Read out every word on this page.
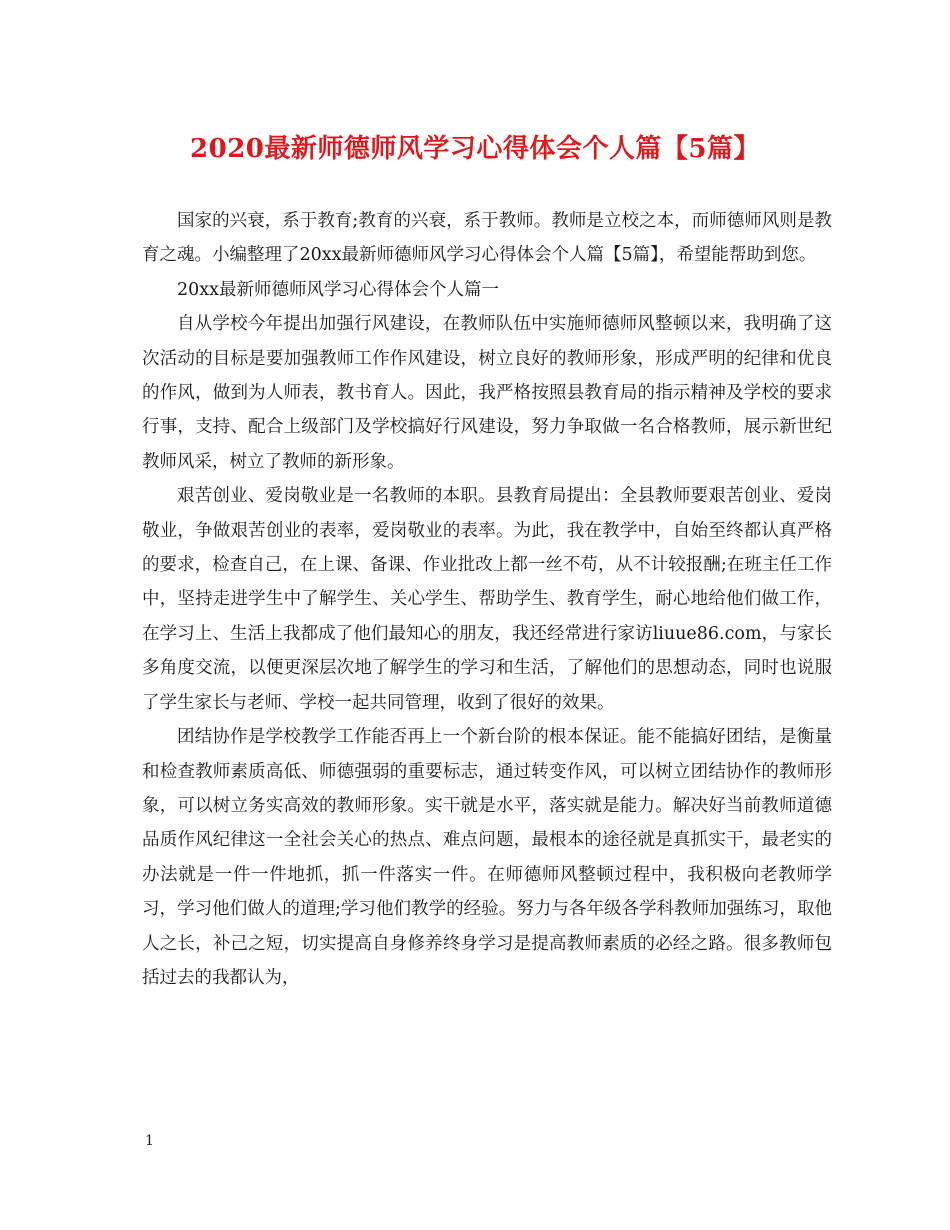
2020最新师德师风学习心得体会个人篇【5篇】

国家的兴衰，系于教育;教育的兴衰，系于教师。教师是立校之本，而师德师风则是教育之魂。小编整理了20xx最新师德师风学习心得体会个人篇【5篇】，希望能帮助到您。

20xx最新师德师风学习心得体会个人篇一

自从学校今年提出加强行风建设，在教师队伍中实施师德师风整顿以来，我明确了这次活动的目标是要加强教师工作作风建设，树立良好的教师形象，形成严明的纪律和优良的作风，做到为人师表，教书育人。因此，我严格按照县教育局的指示精神及学校的要求行事，支持、配合上级部门及学校搞好行风建设，努力争取做一名合格教师，展示新世纪教师风采，树立了教师的新形象。

艰苦创业、爱岗敬业是一名教师的本职。县教育局提出：全县教师要艰苦创业、爱岗敬业，争做艰苦创业的表率，爱岗敬业的表率。为此，我在教学中，自始至终都认真严格的要求，检查自己，在上课、备课、作业批改上都一丝不苟，从不计较报酬;在班主任工作中，坚持走进学生中了解学生、关心学生、帮助学生、教育学生，耐心地给他们做工作，在学习上、生活上我都成了他们最知心的朋友，我还经常进行家访liuue86.com，与家长多角度交流，以便更深层次地了解学生的学习和生活，了解他们的思想动态，同时也说服了学生家长与老师、学校一起共同管理，收到了很好的效果。

团结协作是学校教学工作能否再上一个新台阶的根本保证。能不能搞好团结，是衡量和检查教师素质高低、师德强弱的重要标志，通过转变作风，可以树立团结协作的教师形象，可以树立务实高效的教师形象。实干就是水平，落实就是能力。解决好当前教师道德品质作风纪律这一全社会关心的热点、难点问题，最根本的途径就是真抓实干，最老实的办法就是一件一件地抓，抓一件落实一件。在师德师风整顿过程中，我积极向老教师学习，学习他们做人的道理;学习他们教学的经验。努力与各年级各学科教师加强练习，取他人之长，补己之短，切实提高自身修养终身学习是提高教师素质的必经之路。很多教师包括过去的我都认为，

1
